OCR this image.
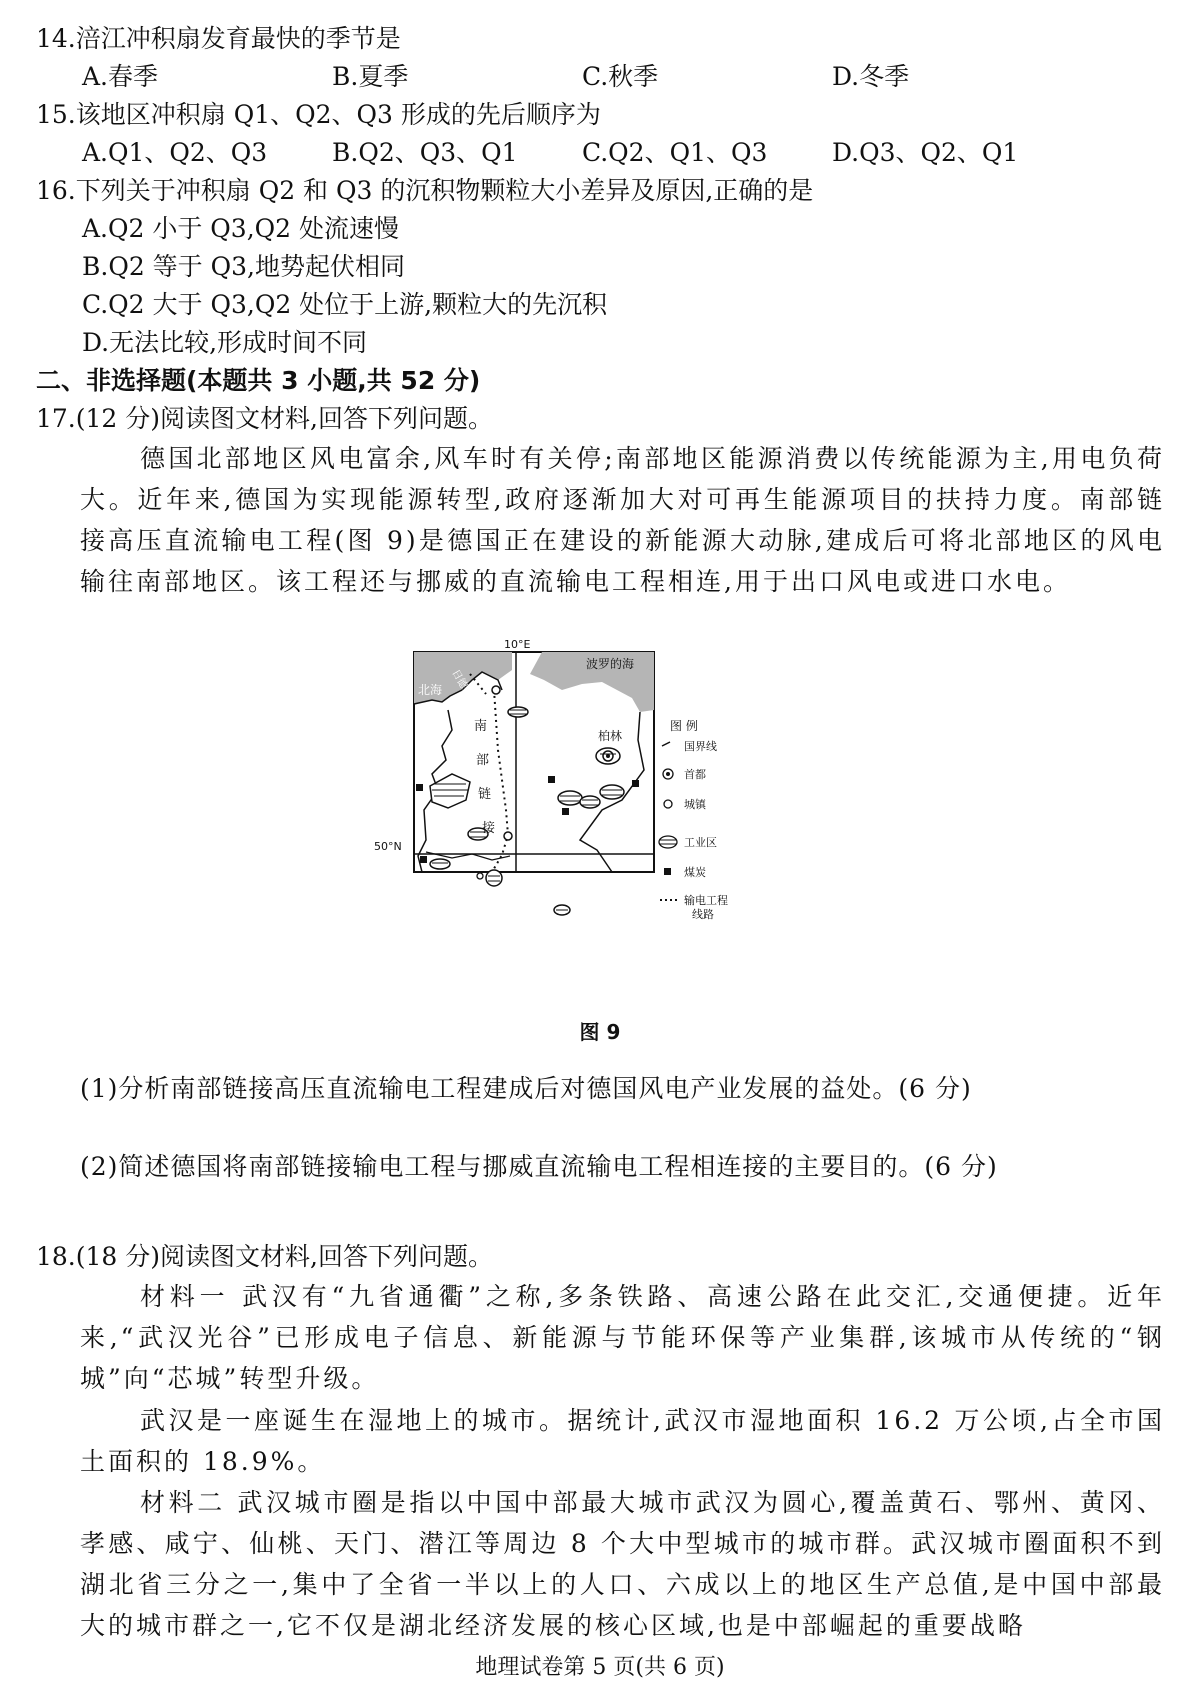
14.涪江冲积扇发育最快的季节是
A.春季	B.夏季	C.秋季	D.冬季
15.该地区冲积扇 Q1、Q2、Q3 形成的先后顺序为
A.Q1、Q2、Q3	B.Q2、Q3、Q1	C.Q2、Q1、Q3	D.Q3、Q2、Q1
16.下列关于冲积扇 Q2 和 Q3 的沉积物颗粒大小差异及原因,正确的是
A.Q2 小于 Q3,Q2 处流速慢
B.Q2 等于 Q3,地势起伏相同
C.Q2 大于 Q3,Q2 处位于上游,颗粒大的先沉积
D.无法比较,形成时间不同
二、非选择题(本题共 3 小题,共 52 分)
17.(12 分)阅读图文材料,回答下列问题。
德国北部地区风电富余,风车时有关停;南部地区能源消费以传统能源为主,用电负荷大。近年来,德国为实现能源转型,政府逐渐加大对可再生能源项目的扶持力度。南部链接高压直流输电工程(图 9)是德国正在建设的新能源大动脉,建成后可将北部地区的风电输往南部地区。该工程还与挪威的直流输电工程相连,用于出口风电或进口水电。
10°E
50°N
北海
波罗的海
日德兰
柏林
南
部
链
接
图 例
国界线
首都
城镇
工业区
煤炭
输电工程
线路
图 9
(1)分析南部链接高压直流输电工程建成后对德国风电产业发展的益处。(6 分)
(2)简述德国将南部链接输电工程与挪威直流输电工程相连接的主要目的。(6 分)
18.(18 分)阅读图文材料,回答下列问题。
材料一 武汉有“九省通衢”之称,多条铁路、高速公路在此交汇,交通便捷。近年来,“武汉光谷”已形成电子信息、新能源与节能环保等产业集群,该城市从传统的“钢城”向“芯城”转型升级。
武汉是一座诞生在湿地上的城市。据统计,武汉市湿地面积 16.2 万公顷,占全市国土面积的 18.9%。
材料二 武汉城市圈是指以中国中部最大城市武汉为圆心,覆盖黄石、鄂州、黄冈、孝感、咸宁、仙桃、天门、潜江等周边 8 个大中型城市的城市群。武汉城市圈面积不到湖北省三分之一,集中了全省一半以上的人口、六成以上的地区生产总值,是中国中部最大的城市群之一,它不仅是湖北经济发展的核心区域,也是中部崛起的重要战略
地理试卷第 5 页(共 6 页)
